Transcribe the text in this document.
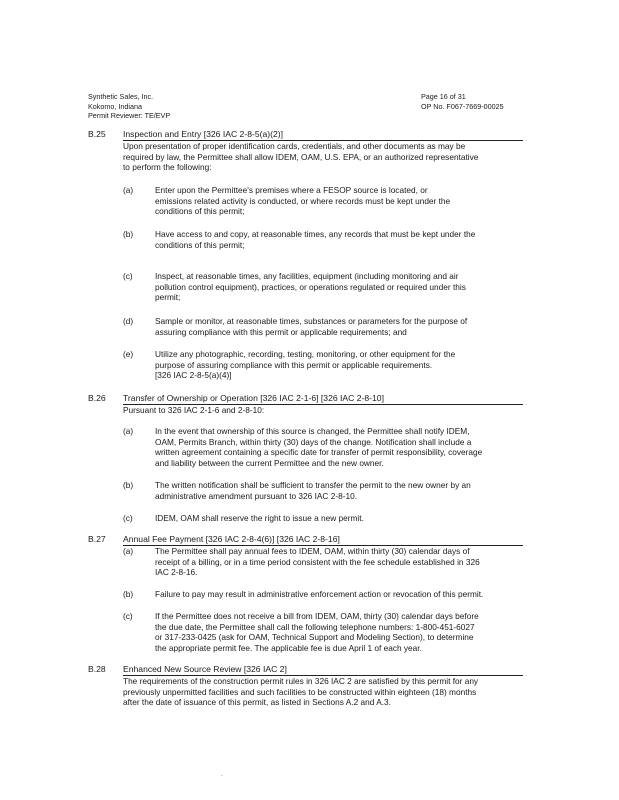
Synthetic Sales, Inc.
Kokomo, Indiana
Permit Reviewer: TE/EVP
Page 16 of 31
OP No. F067-7669-00025
B.25	Inspection and Entry [326 IAC 2-8-5(a)(2)]
Upon presentation of proper identification cards, credentials, and other documents as may be
required by law, the Permittee shall allow IDEM, OAM, U.S. EPA, or an authorized representative
to perform the following:
(a)	Enter upon the Permittee's premises where a FESOP source is located, or
emissions related activity is conducted, or where records must be kept under the
conditions of this permit;
(b)	Have access to and copy, at reasonable times, any records that must be kept under the
conditions of this permit;
(c)	Inspect, at reasonable times, any facilities, equipment (including monitoring and air
pollution control equipment), practices, or operations regulated or required under this
permit;
(d)	Sample or monitor, at reasonable times, substances or parameters for the purpose of
assuring compliance with this permit or applicable requirements; and
(e)	Utilize any photographic, recording, testing, monitoring, or other equipment for the
purpose of assuring compliance with this permit or applicable requirements.
[326 IAC 2-8-5(a)(4)]
B.26	Transfer of Ownership or Operation [326 IAC 2-1-6] [326 IAC 2-8-10]
Pursuant to 326 IAC 2-1-6 and 2-8-10:
(a)	In the event that ownership of this source is changed, the Permittee shall notify IDEM,
OAM, Permits Branch, within thirty (30) days of the change. Notification shall include a
written agreement containing a specific date for transfer of permit responsibility, coverage
and liability between the current Permittee and the new owner.
(b)	The written notification shall be sufficient to transfer the permit to the new owner by an
administrative amendment pursuant to 326 IAC 2-8-10.
(c)	IDEM, OAM shall reserve the right to issue a new permit.
B.27	Annual Fee Payment [326 IAC 2-8-4(6)] [326 IAC 2-8-16]
(a)	The Permittee shall pay annual fees to IDEM, OAM, within thirty (30) calendar days of
receipt of a billing, or in a time period consistent with the fee schedule established in 326
IAC 2-8-16.
(b)	Failure to pay may result in administrative enforcement action or revocation of this permit.
(c)	If the Permittee does not receive a bill from IDEM, OAM, thirty (30) calendar days before
the due date, the Permittee shall call the following telephone numbers: 1-800-451-6027
or 317-233-0425 (ask for OAM, Technical Support and Modeling Section), to determine
the appropriate permit fee. The applicable fee is due April 1 of each year.
B.28	Enhanced New Source Review [326 IAC 2]
The requirements of the construction permit rules in 326 IAC 2 are satisfied by this permit for any
previously unpermitted facilities and such facilities to be constructed within eighteen (18) months
after the date of issuance of this permit, as listed in Sections A.2 and A.3.
.
